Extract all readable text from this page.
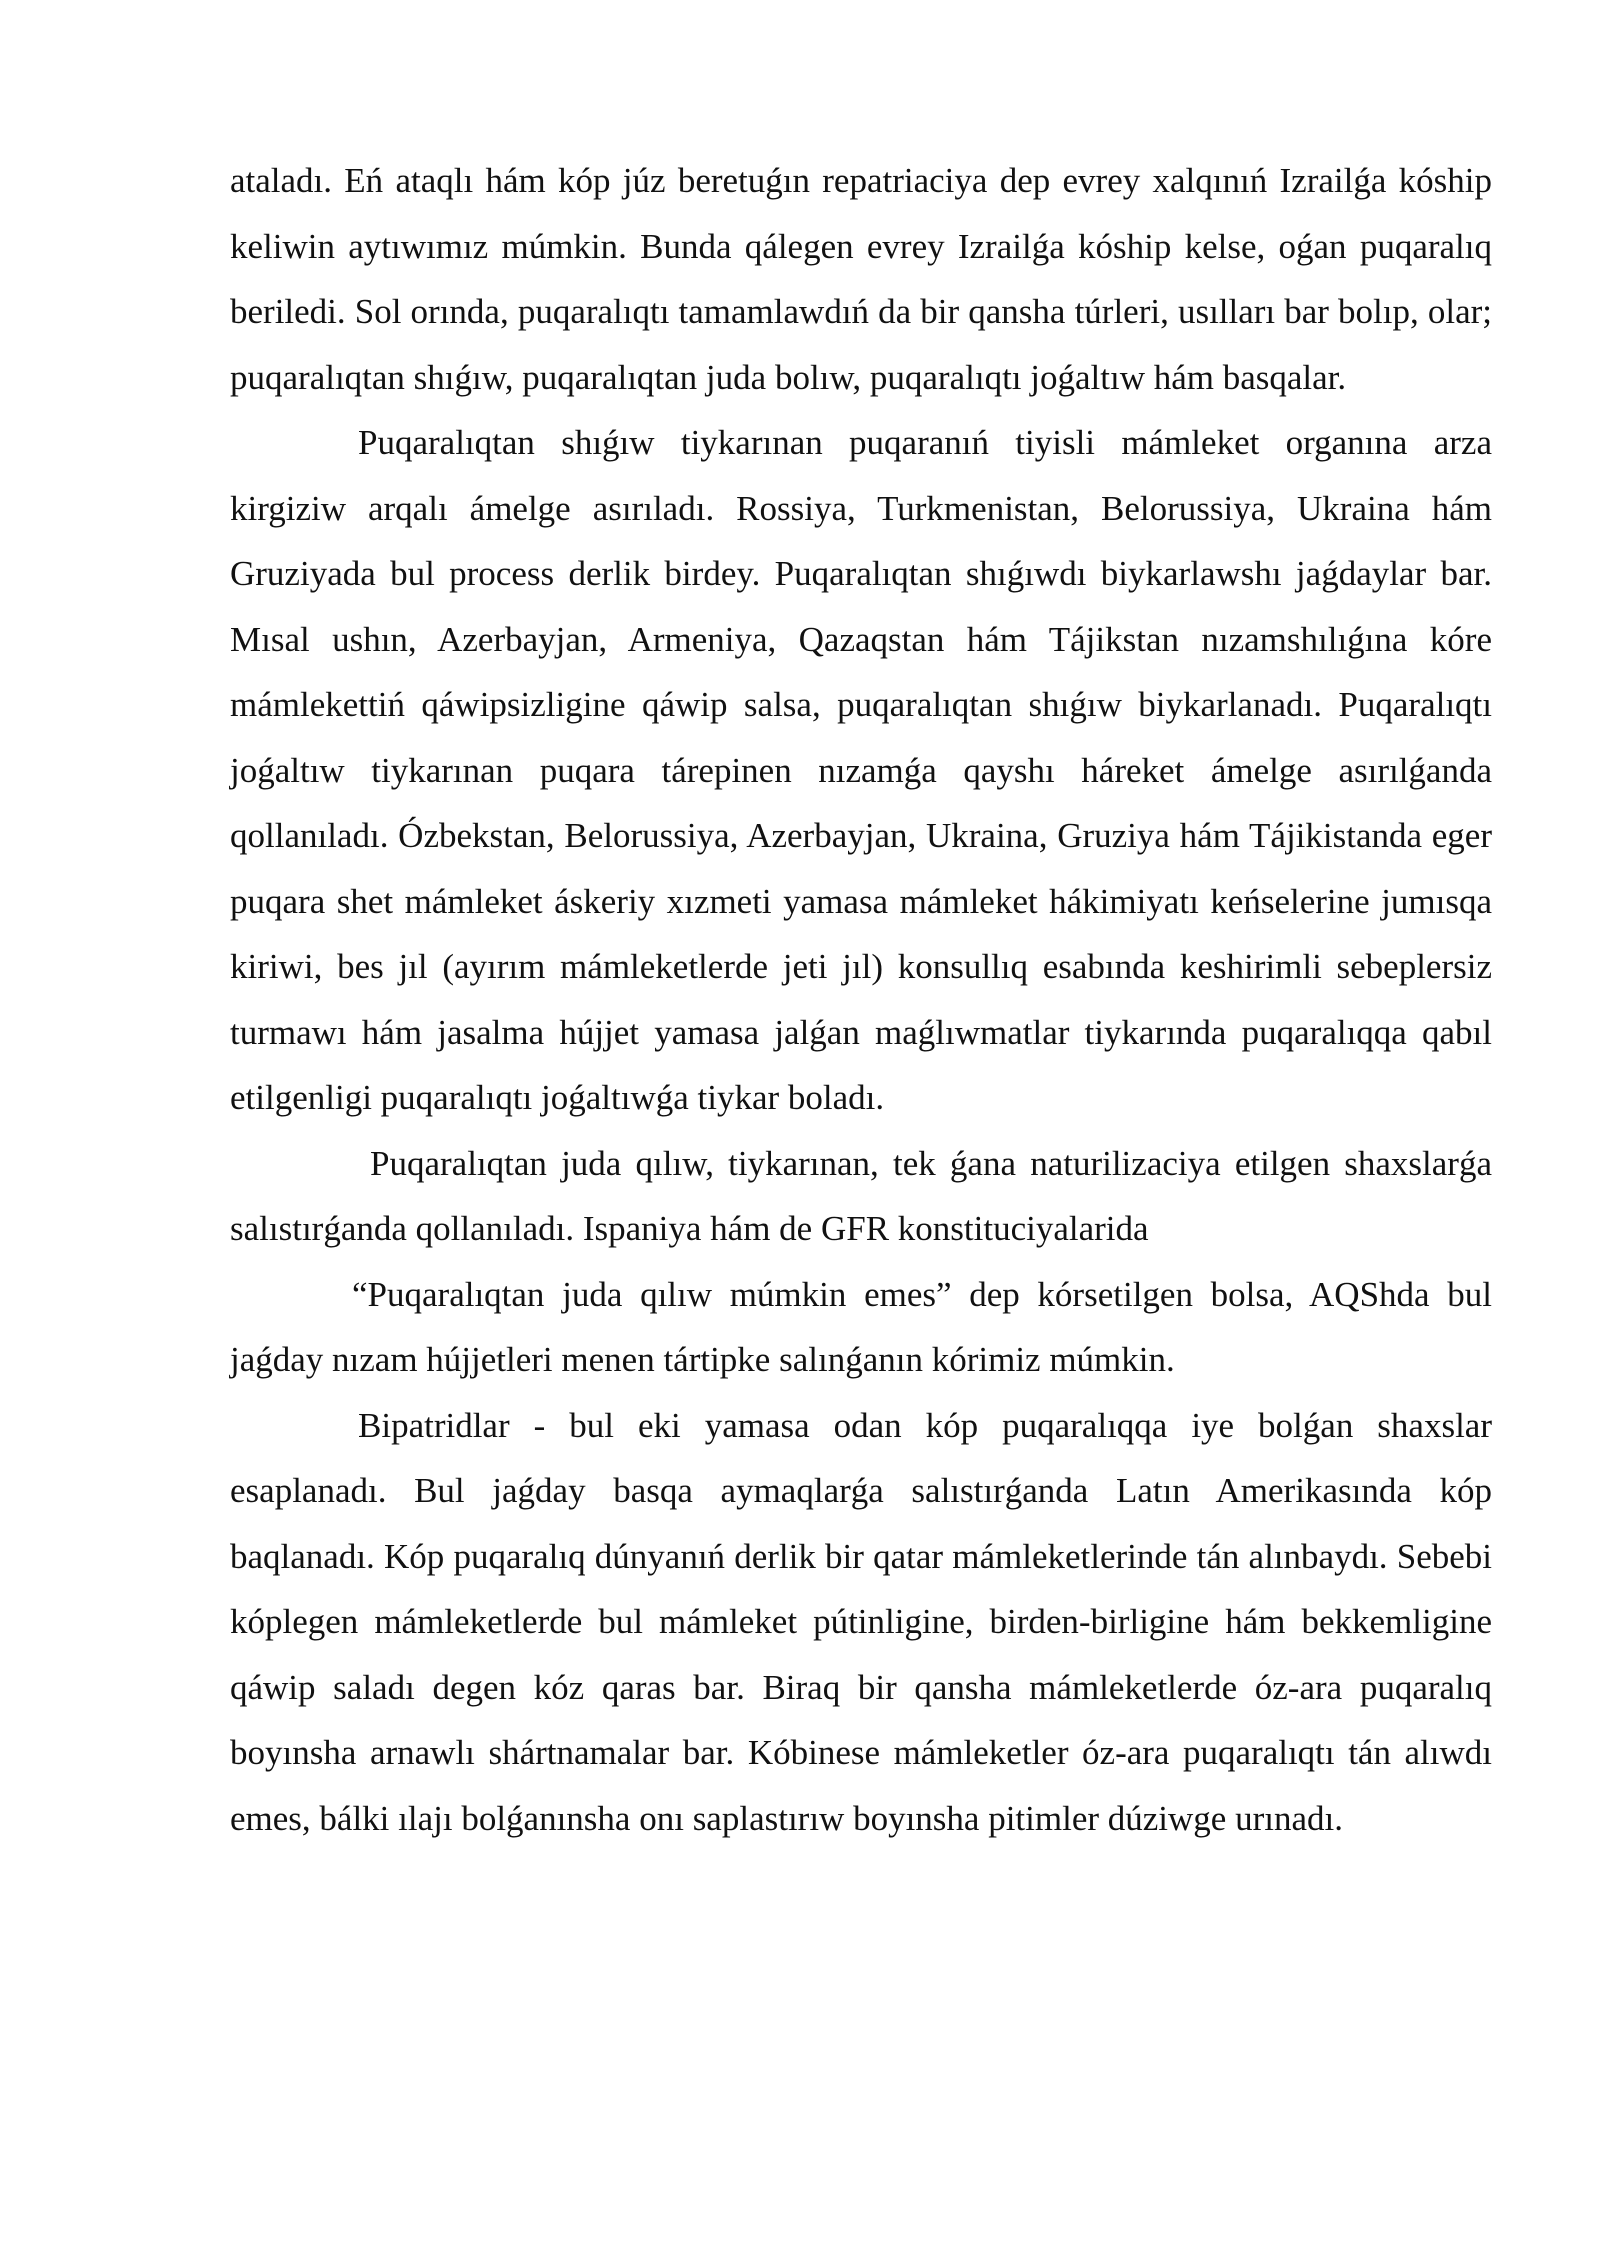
ataladı. Eń ataqlı hám kóp júz beretuǵın repatriaciya dep evrey xalqınıń Izrailǵa kóship keliwin aytıwımız múmkin. Bunda qálegen evrey Izrailǵa kóship kelse, oǵan puqaralıq beriledi. Sol orında, puqaralıqtı tamamlawdıń da bir qansha túrleri, usılları bar bolıp, olar; puqaralıqtan shıǵıw, puqaralıqtan juda bolıw, puqaralıqtı joǵaltıw hám basqalar.

Puqaralıqtan shıǵıw tiykarınan puqaranıń tiyisli mámleket organına arza kirgiziw arqalı ámelge asırıladı. Rossiya, Turkmenistan, Belorussiya, Ukraina hám Gruziyada bul process derlik birdey. Puqaralıqtan shıǵıwdı biykarlawshı jaǵdaylar bar. Mısal ushın, Azerbayjan, Armeniya, Qazaqstan hám Tájikstan nızamshılıǵına kóre mámlekettiń qáwipsizligine qáwip salsa, puqaralıqtan shıǵıw biykarlanadı. Puqaralıqtı joǵaltıw tiykarınan puqara tárepinen nızamǵa qayshı háreket ámelge asırılǵanda qollanıladı. Ózbekstan, Belorussiya, Azerbayjan, Ukraina, Gruziya hám Tájikistanda eger puqara shet mámleket áskeriy xızmeti yamasa mámleket hákimiyatı keńselerine jumısqa kiriwi, bes jıl (ayırım mámleketlerde jeti jıl) konsullıq esabında keshirimli sebeplersiz turmawı hám jasalma hújjet yamasa jalǵan maǵlıwmatlar tiykarında puqaralıqqa qabıl etilgenligi puqaralıqtı joǵaltıwǵa tiykar boladı.

Puqaralıqtan juda qılıw, tiykarınan, tek ǵana naturilizaciya etilgen shaxslarǵa salıstırǵanda qollanıladı. Ispaniya hám de GFR konstituciyalarida

“Puqaralıqtan juda qılıw múmkin emes” dep kórsetilgen bolsa, AQShda bul jaǵday nızam hújjetleri menen tártipke salınǵanın kórimiz múmkin.

Bipatridlar - bul eki yamasa odan kóp puqaralıqqa iye bolǵan shaxslar esaplanadı. Bul jaǵday basqa aymaqlarǵa salıstırǵanda Latın Amerikasında kóp baqlanadı. Kóp puqaralıq dúnyanıń derlik bir qatar mámleketlerinde tán alınbaydı. Sebebi kóplegen mámleketlerde bul mámleket pútinligine, birden-birligine hám bekkemligine qáwip saladı degen kóz qaras bar. Biraq bir qansha mámleketlerde óz-ara puqaralıq boyınsha arnawlı shártnamalar bar. Kóbinese mámleketler óz-ara puqaralıqtı tán alıwdı emes, bálki ılajı bolǵanınsha onı saplastırıw boyınsha pitimler dúziwge urınadı.
